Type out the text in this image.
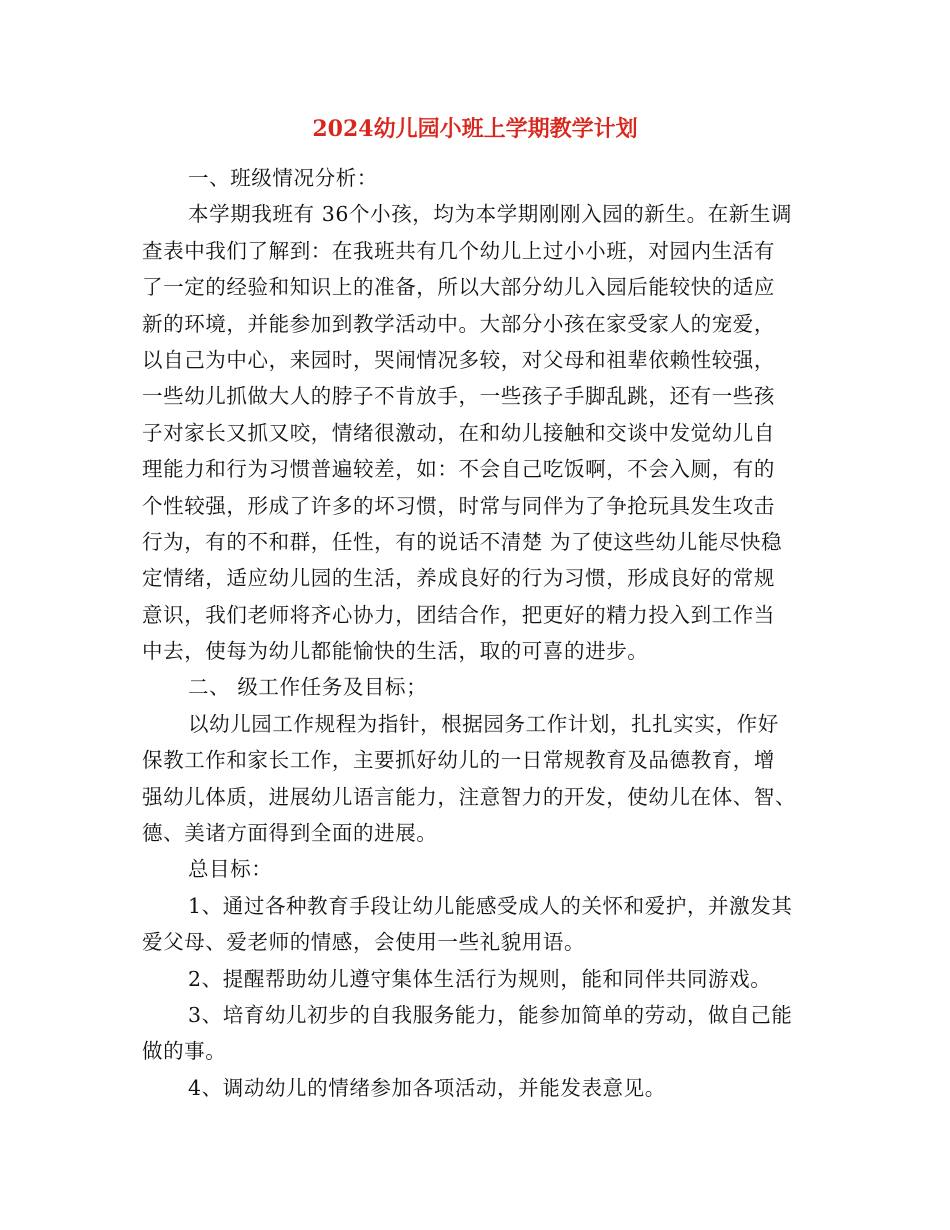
2024幼儿园小班上学期教学计划
一、班级情况分析：
本学期我班有 36个小孩，均为本学期刚刚入园的新生。在新生调
查表中我们了解到：在我班共有几个幼儿上过小小班，对园内生活有
了一定的经验和知识上的准备，所以大部分幼儿入园后能较快的适应
新的环境，并能参加到教学活动中。大部分小孩在家受家人的宠爱，
以自己为中心，来园时，哭闹情况多较，对父母和祖辈依赖性较强，
一些幼儿抓做大人的脖子不肯放手，一些孩子手脚乱跳，还有一些孩
子对家长又抓又咬，情绪很激动，在和幼儿接触和交谈中发觉幼儿自
理能力和行为习惯普遍较差，如：不会自己吃饭啊，不会入厕，有的
个性较强，形成了许多的坏习惯，时常与同伴为了争抢玩具发生攻击
行为，有的不和群，任性，有的说话不清楚 为了使这些幼儿能尽快稳
定情绪，适应幼儿园的生活，养成良好的行为习惯，形成良好的常规
意识，我们老师将齐心协力，团结合作，把更好的精力投入到工作当
中去，使每为幼儿都能愉快的生活，取的可喜的进步。
二、 级工作任务及目标；
以幼儿园工作规程为指针，根据园务工作计划，扎扎实实，作好
保教工作和家长工作，主要抓好幼儿的一日常规教育及品德教育，增
强幼儿体质，进展幼儿语言能力，注意智力的开发，使幼儿在体、智、
德、美诸方面得到全面的进展。
总目标：
1、通过各种教育手段让幼儿能感受成人的关怀和爱护，并激发其
爱父母、爱老师的情感，会使用一些礼貌用语。
2、提醒帮助幼儿遵守集体生活行为规则，能和同伴共同游戏。
3、培育幼儿初步的自我服务能力，能参加简单的劳动，做自己能
做的事。
4、调动幼儿的情绪参加各项活动，并能发表意见。
